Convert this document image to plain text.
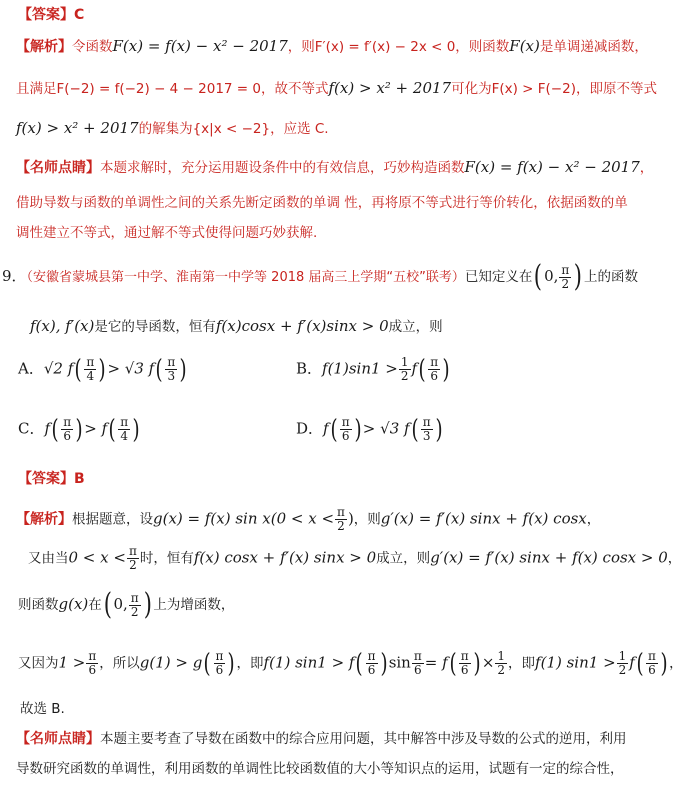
【答案】C
【解析】令函数F(x) = f(x) − x² − 2017，则F′(x) = f′(x) − 2x < 0，则函数F(x)是单调递减函数，
且满足F(−2) = f(−2) − 4 − 2017 = 0，故不等式f(x) > x² + 2017可化为F(x) > F(−2)，即原不等式
f(x) > x² + 2017的解集为{x|x < −2}，应选 C.
【名师点睛】本题求解时，充分运用题设条件中的有效信息，巧妙构造函数F(x) = f(x) − x² − 2017，
借助导数与函数的单调性之间的关系先断定函数的单调 性，再将原不等式进行等价转化，依据函数的单
调性建立不等式，通过解不等式使得问题巧妙获解.
9．（安徽省蒙城县第一中学、淮南第一中学等 2018 届高三上学期“五校”联考）已知定义在( 0, $\frac{\pi}{2}$ ) 上的函数
f(x), f′(x)是它的导函数，恒有f(x)cosx + f′(x)sinx > 0成立，则
A．√2 $f( \frac{\pi}{4}$ ) > √3 $f( \frac{\pi}{3}$ )	B．$f(1)\sin 1 > \frac{1}{2} f( \frac{\pi}{6}$ )
C．$f( \frac{\pi}{6}$ ) > $f( \frac{\pi}{4}$ )	D．$f( \frac{\pi}{6}$ ) > √3 $f( \frac{\pi}{3}$ )
【答案】B
【解析】根据题意，设g(x) = f(x) $\sin x(0 < x < \frac{\pi}{2}$ )，则g′(x) = f′(x) sinx + f(x) cosx，
又由当$0 < x < \frac{\pi}{2}$ 时，恒有f(x) cosx + f′(x) sinx > 0成立，则g′(x) = f′(x) sinx + f(x) cosx > 0，
则函数g(x)在( 0, $\frac{\pi}{2}$ ) 上为增函数，
又因为$1 > \frac{\pi}{6}$ ，所以$g(1) > g( \frac{\pi}{6}$ ) ，即f(1) $\sin 1 > f( \frac{\pi}{6}$ ) $\sin \frac{\pi}{6} = f( \frac{\pi}{6}$ ) × $\frac{1}{2}$ ，即f(1) $\sin 1 > \frac{1}{2} f( \frac{\pi}{6}$ ) ，
故选 B.
【名师点睛】本题主要考查了导数在函数中的综合应用问题，其中解答中涉及导数的公式的逆用，利用
导数研究函数的单调性，利用函数的单调性比较函数值的大小等知识点的运用，试题有一定的综合性，
